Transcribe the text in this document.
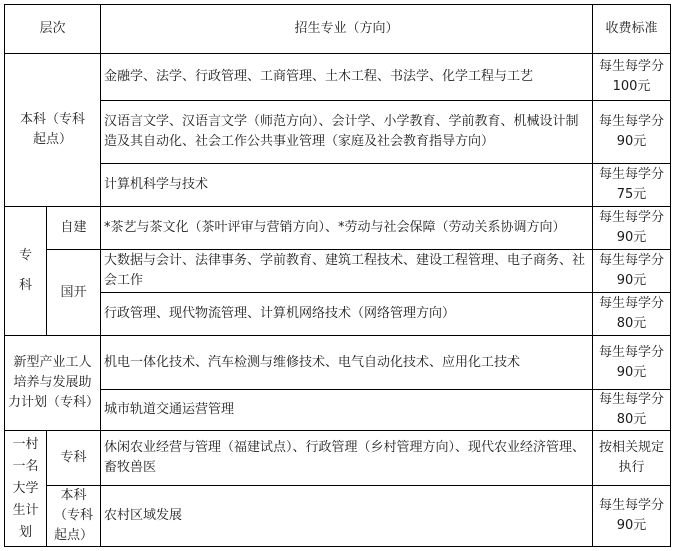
层次		招生专业（方向）	收费标准

本科（专科起点）		金融学、法学、行政管理、工商管理、土木工程、书法学、化学工程与工艺	每生每学分100元
		汉语言文学、汉语言文学（师范方向）、会计学、小学教育、学前教育、机械设计制造及其自动化、社会工作公共事业管理（家庭及社会教育指导方向）	每生每学分90元
		计算机科学与技术	每生每学分75元

专科	自建	*茶艺与茶文化（茶叶评审与营销方向）、*劳动与社会保障（劳动关系协调方向）	每生每学分90元
	国开	大数据与会计、法律事务、学前教育、建筑工程技术、建设工程管理、电子商务、社会工作	每生每学分90元
		行政管理、现代物流管理、计算机网络技术（网络管理方向）	每生每学分80元
新型产业工人培养与发展助力计划（专科）		机电一体化技术、汽车检测与维修技术、电气自动化技术、应用化工技术	每生每学分90元
		城市轨道交通运营管理	每生每学分80元
一村一名大学生计划	专科	休闲农业经营与管理（福建试点）、行政管理（乡村管理方向）、现代农业经济管理、畜牧兽医	按相关规定执行
	本科（专科起点）	农村区域发展	每生每学分90元
